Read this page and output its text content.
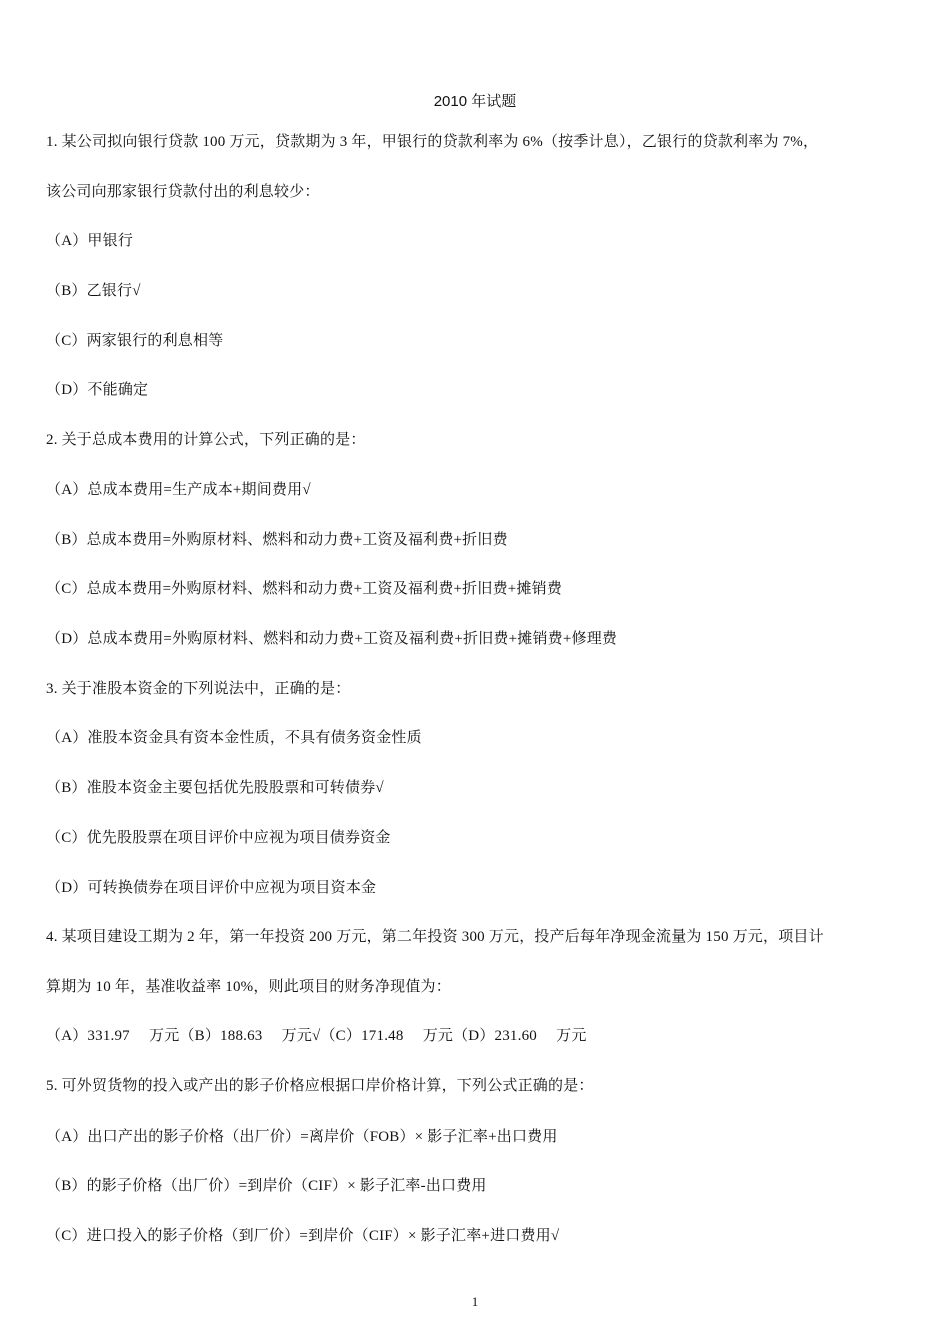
2010 年试题
1. 某公司拟向银行贷款 100 万元，贷款期为 3 年，甲银行的贷款利率为 6%（按季计息），乙银行的贷款利率为 7%，
该公司向那家银行贷款付出的利息较少：
（A）甲银行
（B）乙银行√
（C）两家银行的利息相等
（D）不能确定
2. 关于总成本费用的计算公式，下列正确的是：
（A）总成本费用=生产成本+期间费用√
（B）总成本费用=外购原材料、燃料和动力费+工资及福利费+折旧费
（C）总成本费用=外购原材料、燃料和动力费+工资及福利费+折旧费+摊销费
（D）总成本费用=外购原材料、燃料和动力费+工资及福利费+折旧费+摊销费+修理费
3. 关于准股本资金的下列说法中，正确的是：
（A）准股本资金具有资本金性质，不具有债务资金性质
（B）准股本资金主要包括优先股股票和可转债券√
（C）优先股股票在项目评价中应视为项目债券资金
（D）可转换债券在项目评价中应视为项目资本金
4. 某项目建设工期为 2 年，第一年投资 200 万元，第二年投资 300 万元，投产后每年净现金流量为 150 万元，项目计
算期为 10 年，基准收益率 10%，则此项目的财务净现值为：
（A）331.97　 万元（B）188.63　 万元√（C）171.48　 万元（D）231.60　 万元
5. 可外贸货物的投入或产出的影子价格应根据口岸价格计算，下列公式正确的是：
（A）出口产出的影子价格（出厂价）=离岸价（FOB）× 影子汇率+出口费用
（B）的影子价格（出厂价）=到岸价（CIF）× 影子汇率-出口费用
（C）进口投入的影子价格（到厂价）=到岸价（CIF）× 影子汇率+进口费用√
1
